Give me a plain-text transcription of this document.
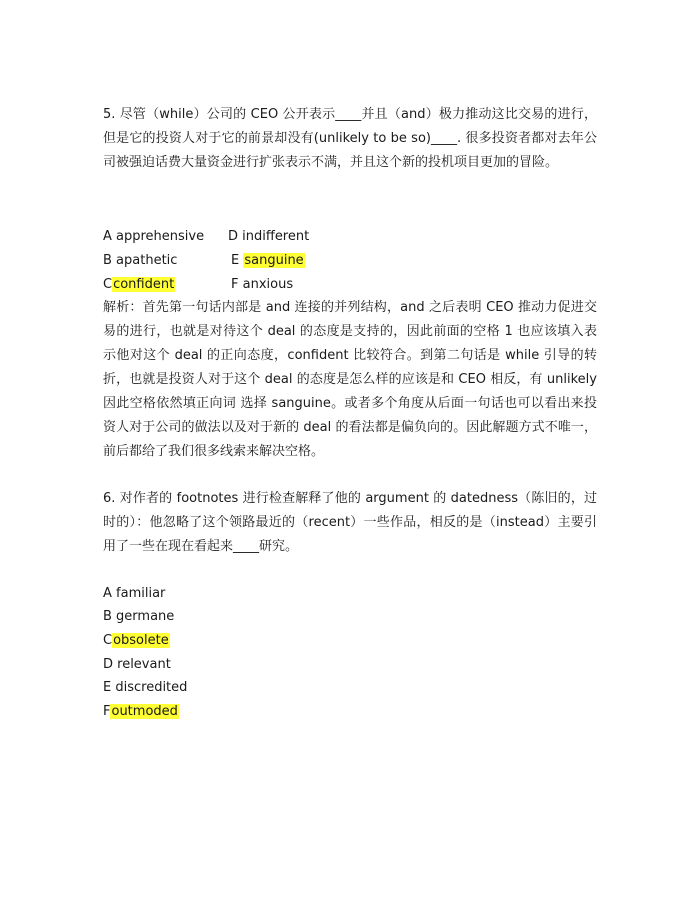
5. 尽管（while）公司的 CEO 公开表示____并且（and）极力推动这比交易的进行，但是它的投资人对于它的前景却没有(unlikely to be so)____. 很多投资者都对去年公司被强迫话费大量资金进行扩张表示不满，并且这个新的投机项目更加的冒险。

A apprehensive D indifferent
B apathetic	E sanguine
Cconfident	F anxious

解析：首先第一句话内部是 and 连接的并列结构，and 之后表明 CEO 推动力促进交易的进行，也就是对待这个 deal 的态度是支持的，因此前面的空格 1 也应该填入表示他对这个 deal 的正向态度，confident 比较符合。到第二句话是 while 引导的转折，也就是投资人对于这个 deal 的态度是怎么样的应该是和 CEO 相反，有 unlikely 因此空格依然填正向词 选择 sanguine。或者多个角度从后面一句话也可以看出来投资人对于公司的做法以及对于新的 deal 的看法都是偏负向的。因此解题方式不唯一，前后都给了我们很多线索来解决空格。

6. 对作者的 footnotes 进行检查解释了他的 argument 的 datedness（陈旧的，过时的）：他忽略了这个领路最近的（recent）一些作品，相反的是（instead）主要引用了一些在现在看起来____研究。

A familiar
B germane
Cobsolete
D relevant
E discredited
Foutmoded
